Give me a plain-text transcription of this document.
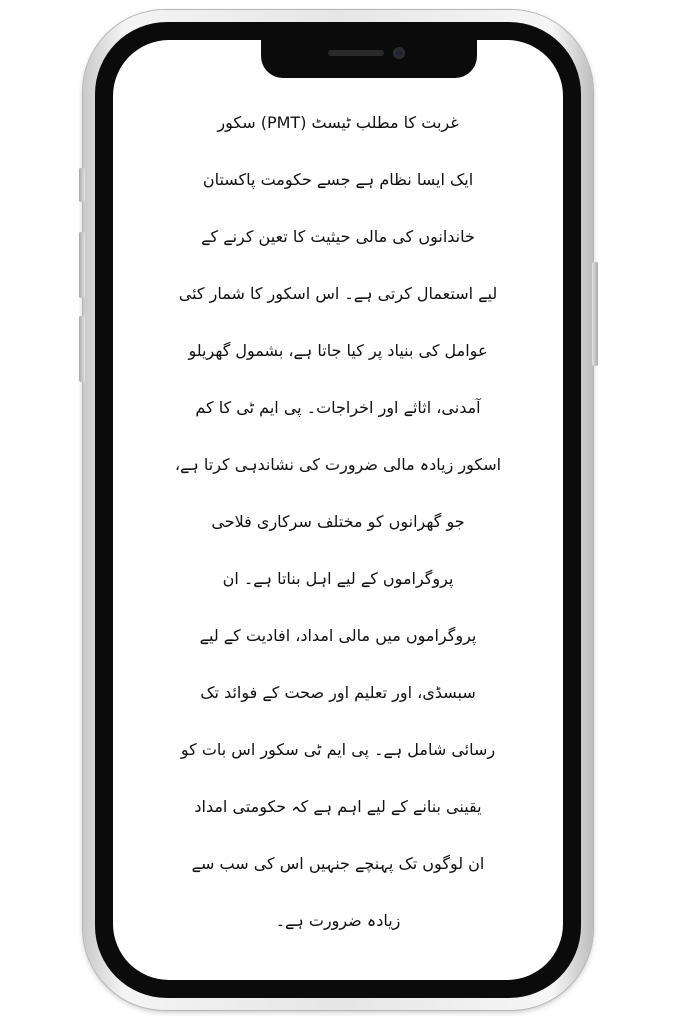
غربت کا مطلب ٹیسٹ (PMT) سکور
ایک ایسا نظام ہے جسے حکومت پاکستان
خاندانوں کی مالی حیثیت کا تعین کرنے کے
لیے استعمال کرتی ہے۔ اس اسکور کا شمار کئی
عوامل کی بنیاد پر کیا جاتا ہے، بشمول گھریلو
آمدنی، اثاثے اور اخراجات۔ پی ایم ٹی کا کم
اسکور زیادہ مالی ضرورت کی نشاندہی کرتا ہے،
جو گھرانوں کو مختلف سرکاری فلاحی
پروگراموں کے لیے اہل بناتا ہے۔ ان
پروگراموں میں مالی امداد، افادیت کے لیے
سبسڈی، اور تعلیم اور صحت کے فوائد تک
رسائی شامل ہے۔ پی ایم ٹی سکور اس بات کو
یقینی بنانے کے لیے اہم ہے کہ حکومتی امداد
ان لوگوں تک پہنچے جنہیں اس کی سب سے
زیادہ ضرورت ہے۔
